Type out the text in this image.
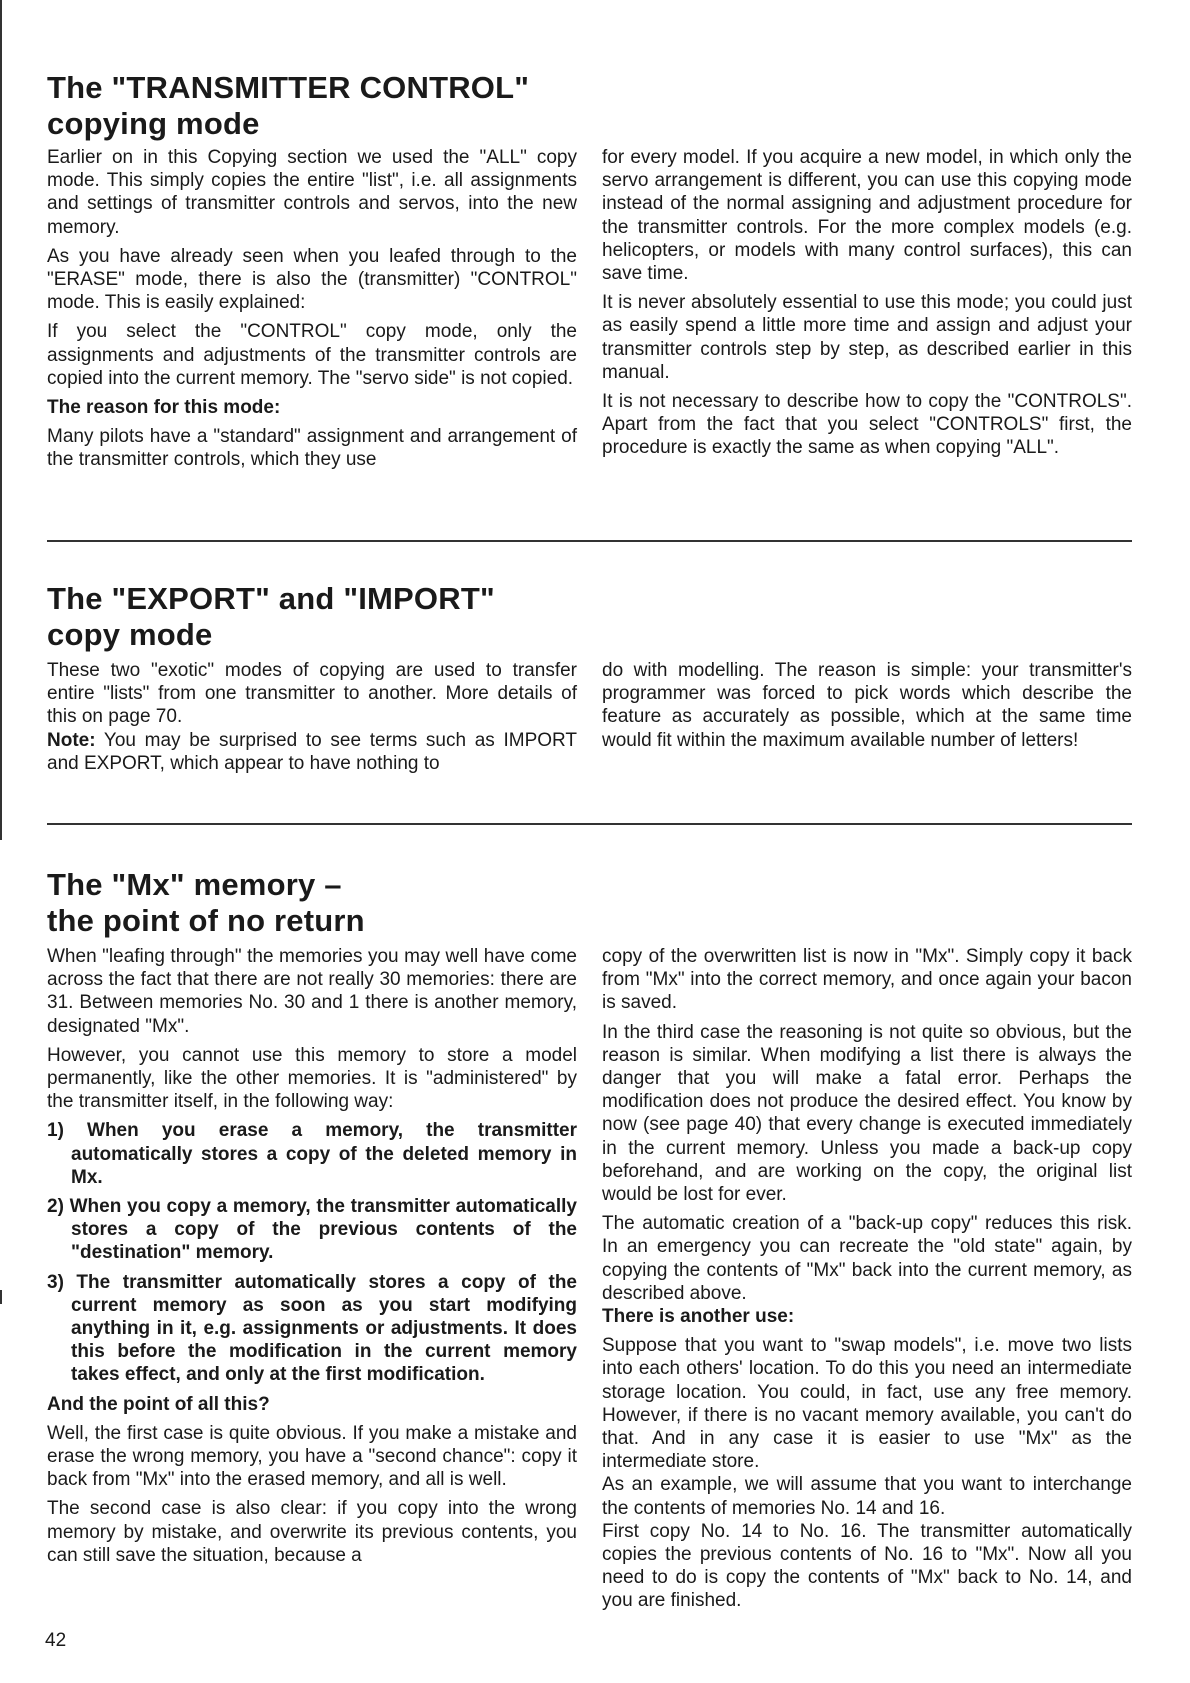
The "TRANSMITTER CONTROL"
copying mode

Earlier on in this Copying section we used the "ALL" copy mode. This simply copies the entire "list", i.e. all assignments and settings of transmitter controls and servos, into the new memory.

As you have already seen when you leafed through to the "ERASE" mode, there is also the (transmitter) "CONTROL" mode. This is easily explained:

If you select the "CONTROL" copy mode, only the assignments and adjustments of the transmitter controls are copied into the current memory. The "servo side" is not copied.

The reason for this mode:

Many pilots have a "standard" assignment and arrangement of the transmitter controls, which they use

for every model. If you acquire a new model, in which only the servo arrangement is different, you can use this copying mode instead of the normal assigning and adjustment procedure for the transmitter controls. For the more complex models (e.g. helicopters, or models with many control surfaces), this can save time.

It is never absolutely essential to use this mode; you could just as easily spend a little more time and assign and adjust your transmitter controls step by step, as described earlier in this manual.

It is not necessary to describe how to copy the "CONTROLS". Apart from the fact that you select "CONTROLS" first, the procedure is exactly the same as when copying "ALL".

The "EXPORT" and "IMPORT"
copy mode

These two "exotic" modes of copying are used to transfer entire "lists" from one transmitter to another. More details of this on page 70.

Note: You may be surprised to see terms such as IMPORT and EXPORT, which appear to have nothing to

do with modelling. The reason is simple: your transmitter's programmer was forced to pick words which describe the feature as accurately as possible, which at the same time would fit within the maximum available number of letters!

The "Mx" memory –
the point of no return

When "leafing through" the memories you may well have come across the fact that there are not really 30 memories: there are 31. Between memories No. 30 and 1 there is another memory, designated "Mx".

However, you cannot use this memory to store a model permanently, like the other memories. It is "administered" by the transmitter itself, in the following way:

1) When you erase a memory, the transmitter automatically stores a copy of the deleted memory in Mx.

2) When you copy a memory, the transmitter automatically stores a copy of the previous contents of the "destination" memory.

3) The transmitter automatically stores a copy of the current memory as soon as you start modifying anything in it, e.g. assignments or adjustments. It does this before the modification in the current memory takes effect, and only at the first modification.

And the point of all this?

Well, the first case is quite obvious. If you make a mistake and erase the wrong memory, you have a "second chance": copy it back from "Mx" into the erased memory, and all is well.

The second case is also clear: if you copy into the wrong memory by mistake, and overwrite its previous contents, you can still save the situation, because a

copy of the overwritten list is now in "Mx". Simply copy it back from "Mx" into the correct memory, and once again your bacon is saved.

In the third case the reasoning is not quite so obvious, but the reason is similar. When modifying a list there is always the danger that you will make a fatal error. Perhaps the modification does not produce the desired effect. You know by now (see page 40) that every change is executed immediately in the current memory. Unless you made a back-up copy beforehand, and are working on the copy, the original list would be lost for ever.

The automatic creation of a "back-up copy" reduces this risk. In an emergency you can recreate the "old state" again, by copying the contents of "Mx" back into the current memory, as described above.

There is another use:

Suppose that you want to "swap models", i.e. move two lists into each others' location. To do this you need an intermediate storage location. You could, in fact, use any free memory. However, if there is no vacant memory available, you can't do that. And in any case it is easier to use "Mx" as the intermediate store.

As an example, we will assume that you want to interchange the contents of memories No. 14 and 16.

First copy No. 14 to No. 16. The transmitter automatically copies the previous contents of No. 16 to "Mx". Now all you need to do is copy the contents of "Mx" back to No. 14, and you are finished.

42
